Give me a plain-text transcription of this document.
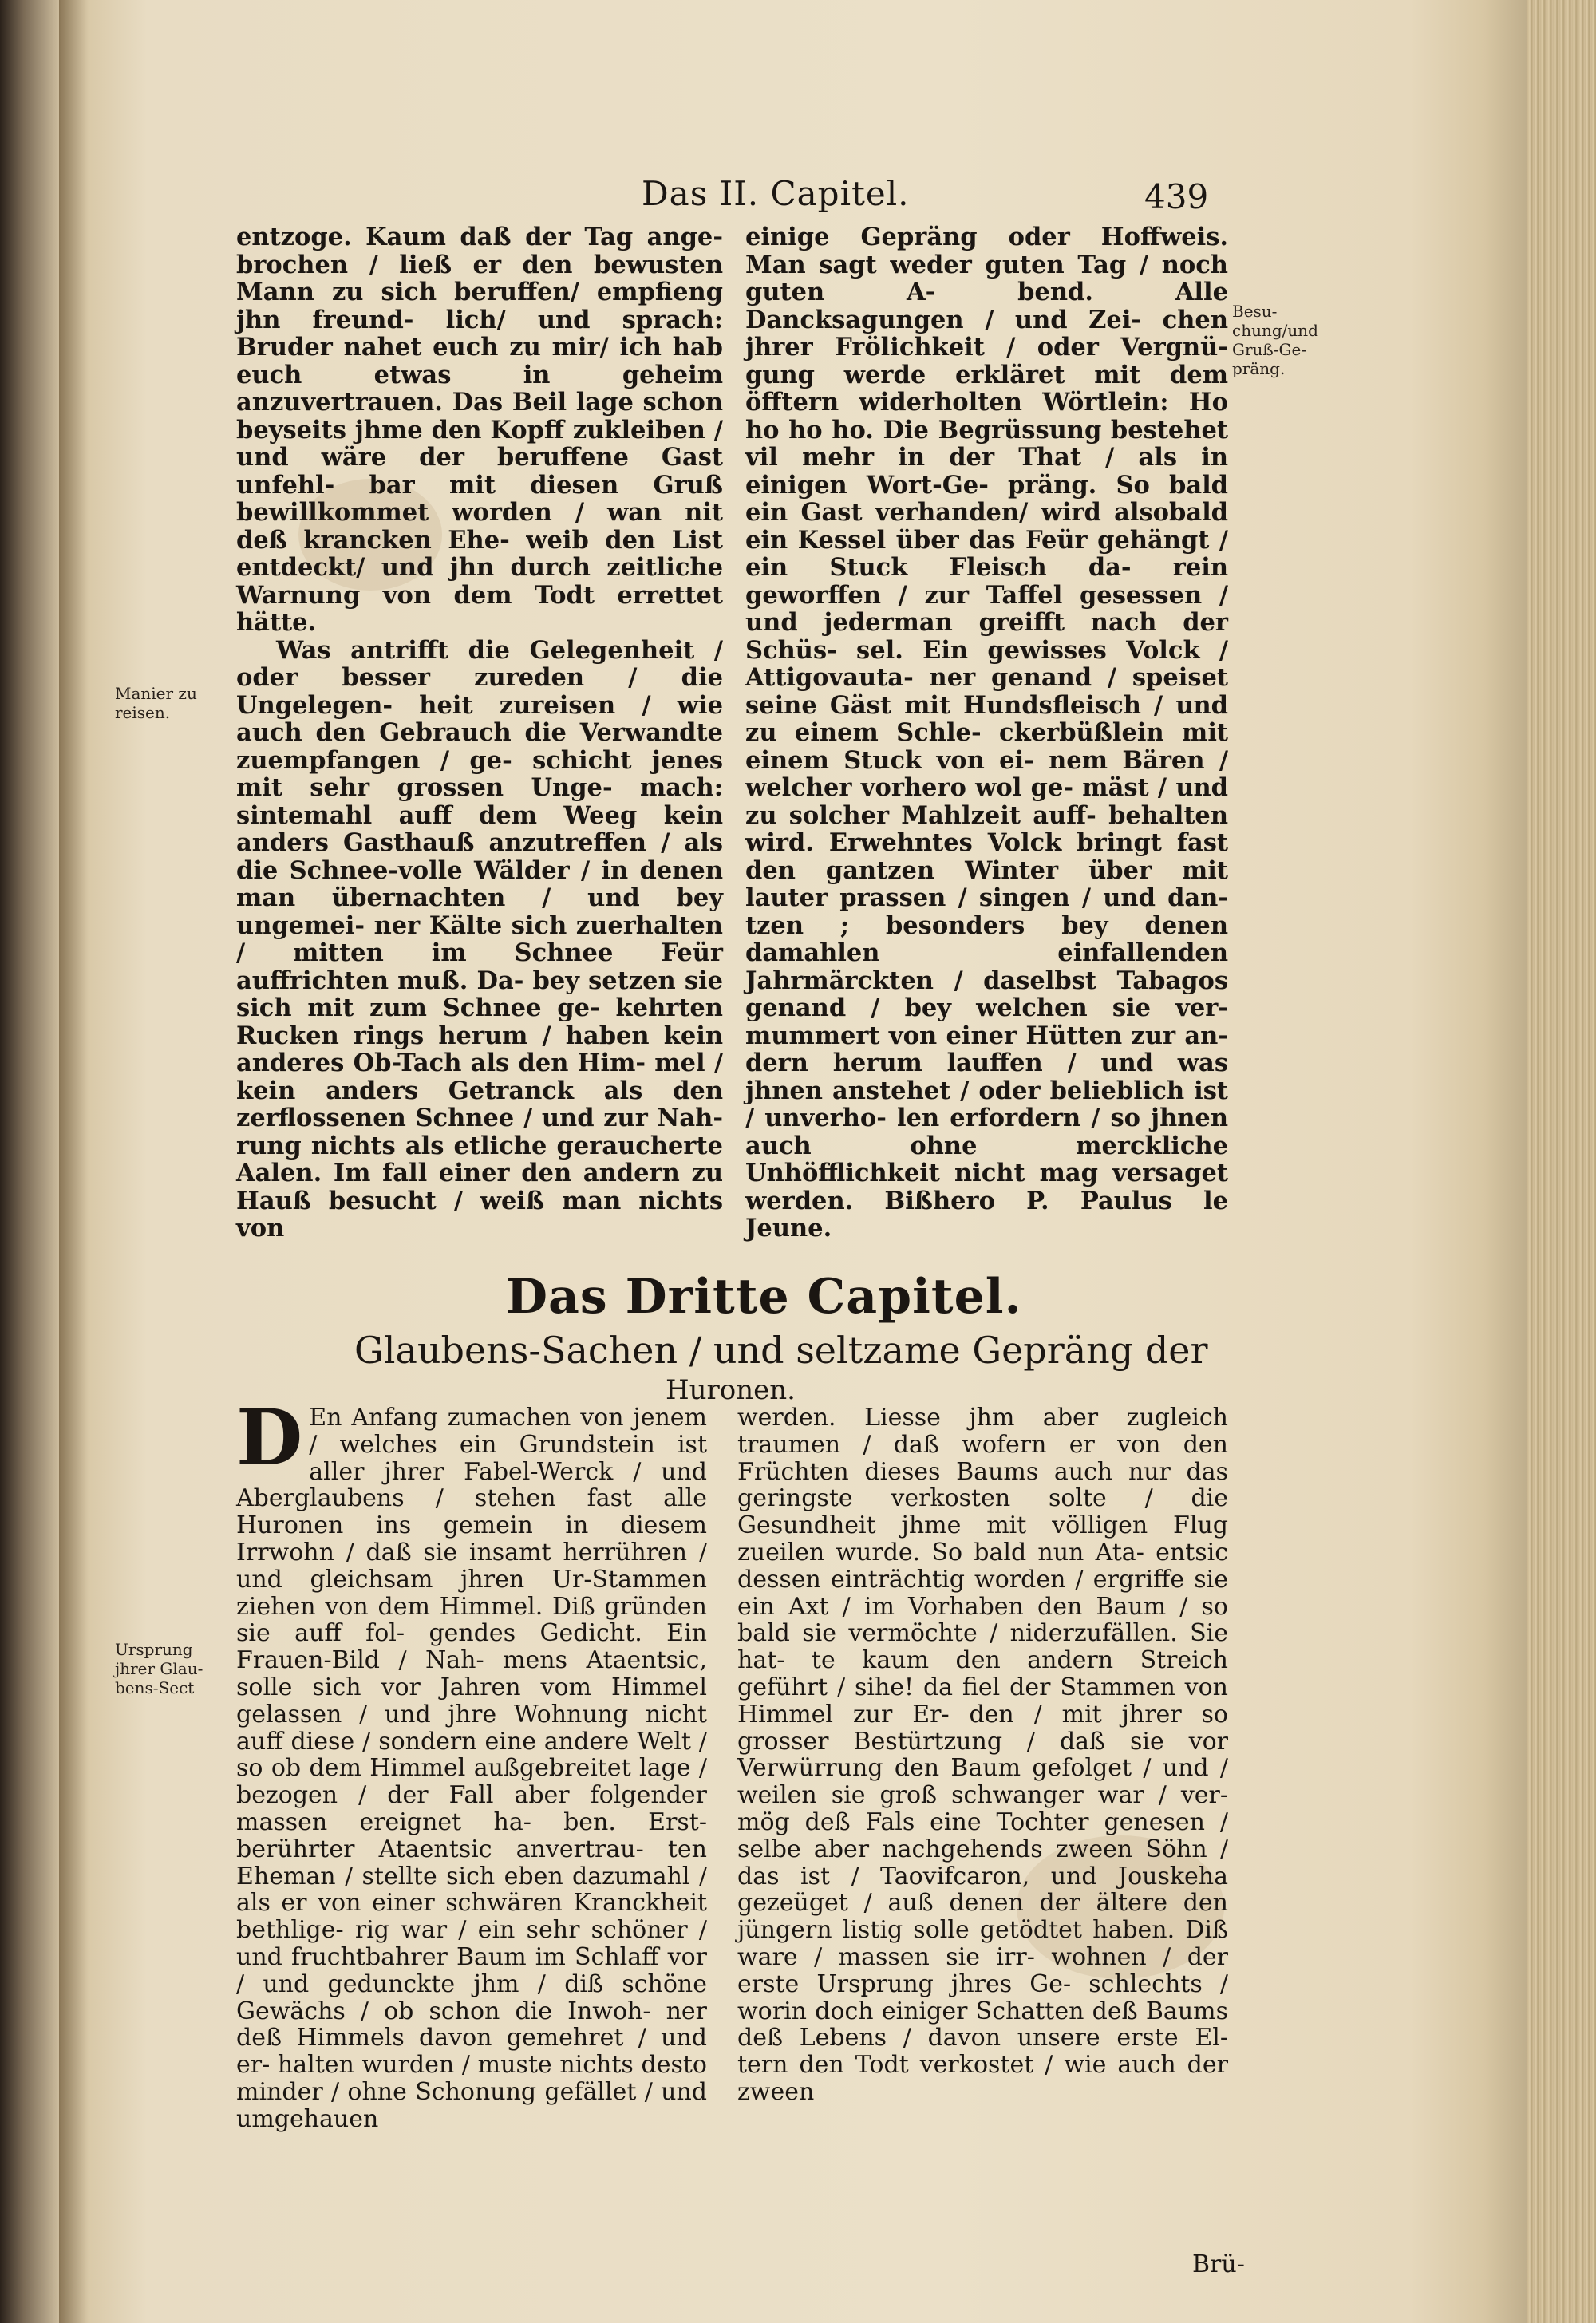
Das II. Capitel.	439
Besu- chung/und Gruß-Ge- präng.
Manier zu reisen.
Ursprung jhrer Glau- bens-Sect

entzoge. Kaum daß der Tag ange- brochen / ließ er den bewusten Mann zu sich beruffen/ empfieng jhn freund- lich/ und sprach: Bruder nahet euch zu mir/ ich hab euch etwas in geheim anzuvertrauen. Das Beil lage schon beyseits jhme den Kopff zukleiben / und wäre der beruffene Gast unfehl- bar mit diesen Gruß bewillkommet worden / wan nit deß krancken Ehe- weib den List entdeckt/ und jhn durch zeitliche Warnung von dem Todt errettet hätte.

Was antrifft die Gelegenheit / oder besser zureden / die Ungelegen- heit zureisen / wie auch den Gebrauch die Verwandte zuempfangen / ge- schicht jenes mit sehr grossen Unge- mach: sintemahl auff dem Weeg kein anders Gasthauß anzutreffen / als die Schnee-volle Wälder / in denen man übernachten / und bey ungemei- ner Kälte sich zuerhalten / mitten im Schnee Feür auffrichten muß. Da- bey setzen sie sich mit zum Schnee ge- kehrten Rucken rings herum / haben kein anderes Ob-Tach als den Him- mel / kein anders Getranck als den zerflossenen Schnee / und zur Nah- rung nichts als etliche geraucherte Aalen. Im fall einer den andern zu Hauß besucht / weiß man nichts von

einige Gepräng oder Hoffweis. Man sagt weder guten Tag / noch guten A- bend. Alle Dancksagungen / und Zei- chen jhrer Frölichkeit / oder Vergnü- gung werde erkläret mit dem öfftern widerholten Wörtlein: Ho ho ho ho. Die Begrüssung bestehet vil mehr in der That / als in einigen Wort-Ge- präng. So bald ein Gast verhanden/ wird alsobald ein Kessel über das Feür gehängt / ein Stuck Fleisch da- rein geworffen / zur Taffel gesessen / und jederman greifft nach der Schüs- sel. Ein gewisses Volck / Attigovauta- ner genand / speiset seine Gäst mit Hundsfleisch / und zu einem Schle- ckerbüßlein mit einem Stuck von ei- nem Bären / welcher vorhero wol ge- mäst / und zu solcher Mahlzeit auff- behalten wird. Erwehntes Volck bringt fast den gantzen Winter über mit lauter prassen / singen / und dan- tzen ; besonders bey denen damahlen einfallenden Jahrmärckten / daselbst Tabagos genand / bey welchen sie ver- mummert von einer Hütten zur an- dern herum lauffen / und was jhnen anstehet / oder belieblich ist / unverho- len erfordern / so jhnen auch ohne merckliche Unhöfflichkeit nicht mag versaget werden. Bißhero P. Paulus le Jeune.

Das Dritte Capitel.
Glaubens-Sachen / und seltzame Gepräng der
Huronen.
D En Anfang zumachen von jenem / welches ein Grundstein ist aller jhrer Fabel-Werck / und Aberglaubens / stehen fast alle Huronen ins gemein in diesem Irrwohn / daß sie insamt herrühren / und gleichsam jhren Ur-Stammen ziehen von dem Himmel. Diß gründen sie auff fol- gendes Gedicht. Ein Frauen-Bild / Nah- mens Ataentsic, solle sich vor Jahren vom Himmel gelassen / und jhre Wohnung nicht auff diese / sondern eine andere Welt / so ob dem Himmel außgebreitet lage / bezogen / der Fall aber folgender massen ereignet ha- ben. Erst-berührter Ataentsic anvertrau- ten Eheman / stellte sich eben dazumahl / als er von einer schwären Kranckheit bethlige- rig war / ein sehr schöner / und fruchtbahrer Baum im Schlaff vor / und gedunckte jhm / diß schöne Gewächs / ob schon die Inwoh- ner deß Himmels davon gemehret / und er- halten wurden / muste nichts desto minder / ohne Schonung gefället / und umgehauen

werden. Liesse jhm aber zugleich traumen / daß wofern er von den Früchten dieses Baums auch nur das geringste verkosten solte / die Gesundheit jhme mit völligen Flug zueilen wurde. So bald nun Ata- entsic dessen einträchtig worden / ergriffe sie ein Axt / im Vorhaben den Baum / so bald sie vermöchte / niderzufällen. Sie hat- te kaum den andern Streich geführt / sihe! da fiel der Stammen von Himmel zur Er- den / mit jhrer so grosser Bestürtzung / daß sie vor Verwürrung den Baum gefolget / und / weilen sie groß schwanger war / ver- mög deß Fals eine Tochter genesen / selbe aber nachgehends zween Söhn / das ist / Taovifcaron, und Jouskeha gezeüget / auß denen der ältere den jüngern listig solle getödtet haben. Diß ware / massen sie irr- wohnen / der erste Ursprung jhres Ge- schlechts / worin doch einiger Schatten deß Baums deß Lebens / davon unsere erste El- tern den Todt verkostet / wie auch der zween

Brü-
